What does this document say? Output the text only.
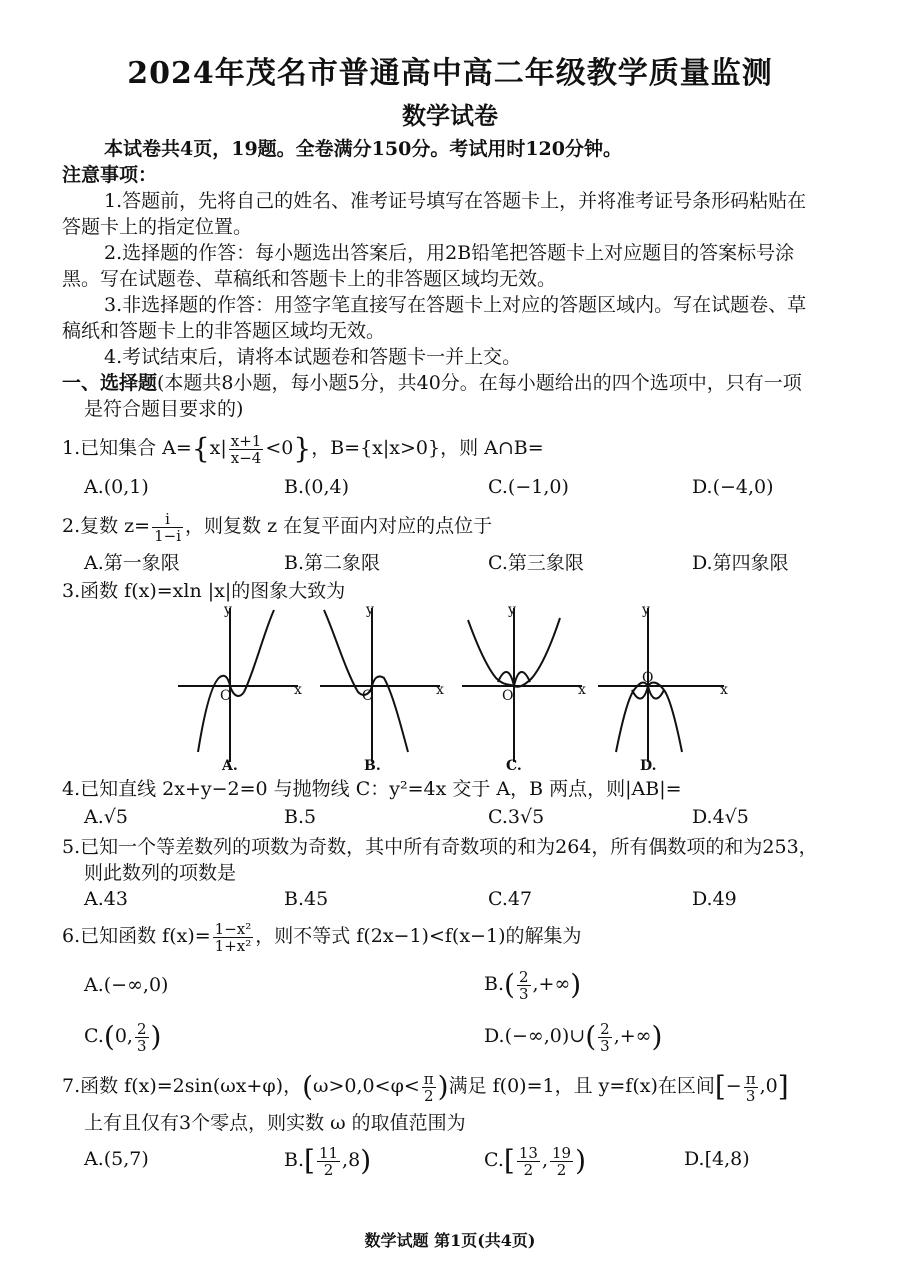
2024年茂名市普通高中高二年级教学质量监测
数学试卷
本试卷共4页，19题。全卷满分150分。考试用时120分钟。
注意事项：
1.答题前，先将自己的姓名、准考证号填写在答题卡上，并将准考证号条形码粘贴在
答题卡上的指定位置。
2.选择题的作答：每小题选出答案后，用2B铅笔把答题卡上对应题目的答案标号涂
黑。写在试题卷、草稿纸和答题卡上的非答题区域均无效。
3.非选择题的作答：用签字笔直接写在答题卡上对应的答题区域内。写在试题卷、草
稿纸和答题卡上的非答题区域均无效。
4.考试结束后，请将本试题卷和答题卡一并上交。
一、选择题(本题共8小题，每小题5分，共40分。在每小题给出的四个选项中，只有一项
是符合题目要求的)
1.已知集合 $A=\{x| \frac{x+1}{x-4} <0\}$，B={x|x>0}，则 A∩B=
A.(0,1)	B.(0,4)	C.(−1,0)	D.(−4,0)
2.复数 $z= \frac{i}{1-i}$ ，则复数 z 在复平面内对应的点位于
A.第一象限	B.第二象限	C.第三象限	D.第四象限
3.函数 f(x)=xln |x|的图象大致为
x
y
O
A.
x
y
O
B.
x
y
O
C.
x
y
O
D.
4.已知直线 2x+y−2=0 与抛物线 C：y²=4x 交于 A，B 两点，则|AB|=
A.√5	B.5	C.3√5	D.4√5
5.已知一个等差数列的项数为奇数，其中所有奇数项的和为264，所有偶数项的和为253，
则此数列的项数是
A.43	B.45	C.47	D.49
6.已知函数 $f(x)= \frac{\text{1−x²}}{\text{1+x²}}$ ，则不等式 f(2x−1)<f(x−1)的解集为
A.(−∞,0)	$B.( \frac{2}{3}$ ,+∞)
C.(0, $\frac{2}{3}$ )	D.(−∞,0)∪( $\frac{2}{3}$ ,+∞)
7.函数 f(x)=2sin(ωx+φ)，($\omega>0,0<\varphi< \frac{\pi}{2}$ )满足 f(0)=1，且 y=f(x)在区间[− $\frac{\pi}{3} ,0$]
上有且仅有3个零点，则实数 ω 的取值范围为
A.(5,7)	$B.[ \frac{11}{2} ,8)$	$C.[ \frac{13}{2}$ , $\frac{19}{2}$ )	D.[4,8)
数学试题 第1页(共4页)
